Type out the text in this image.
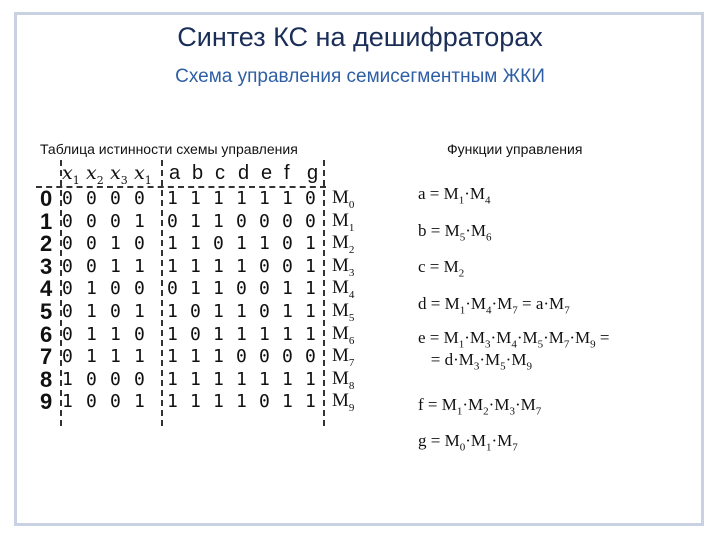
Синтез КС на дешифраторах
Схема управления семисегментным ЖКИ
Таблица истинности схемы управления	Функции управления
$x_1$ $x_2$ $x_3$ $x_1$ a b c d e f g
0 0 0 0 0 1 1 1 1 1 1 0 $M_0$
1 0 0 0 1 0 1 1 0 0 0 0 $M_1$
2 0 0 1 0 1 1 0 1 1 0 1 $M_2$
3 0 0 1 1 1 1 1 1 0 0 1 $M_3$
4 0 1 0 0 0 1 1 0 0 1 1 $M_4$
5 0 1 0 1 1 0 1 1 0 1 1 $M_5$
6 0 1 1 0 1 0 1 1 1 1 1 $M_6$
7 0 1 1 1 1 1 1 0 0 0 0 $M_7$
8 1 0 0 0 1 1 1 1 1 1 1 $M_8$
9 1 0 0 1 1 1 1 1 0 1 1 $M_9$
$a = M_1\cdot M_4$
$b = M_5\cdot M_6$
$c = M_2$
$d = M_1\cdot M_4\cdot M_7 = a\cdot M_7$
$e = M_1\cdot M_3\cdot M_4\cdot M_5\cdot M_7\cdot M_9$ =
= $d\cdot M_3\cdot M_5\cdot M_9$
$f = M_1\cdot M_2\cdot M_3\cdot M_7$
$g = M_0\cdot M_1\cdot M_7$
